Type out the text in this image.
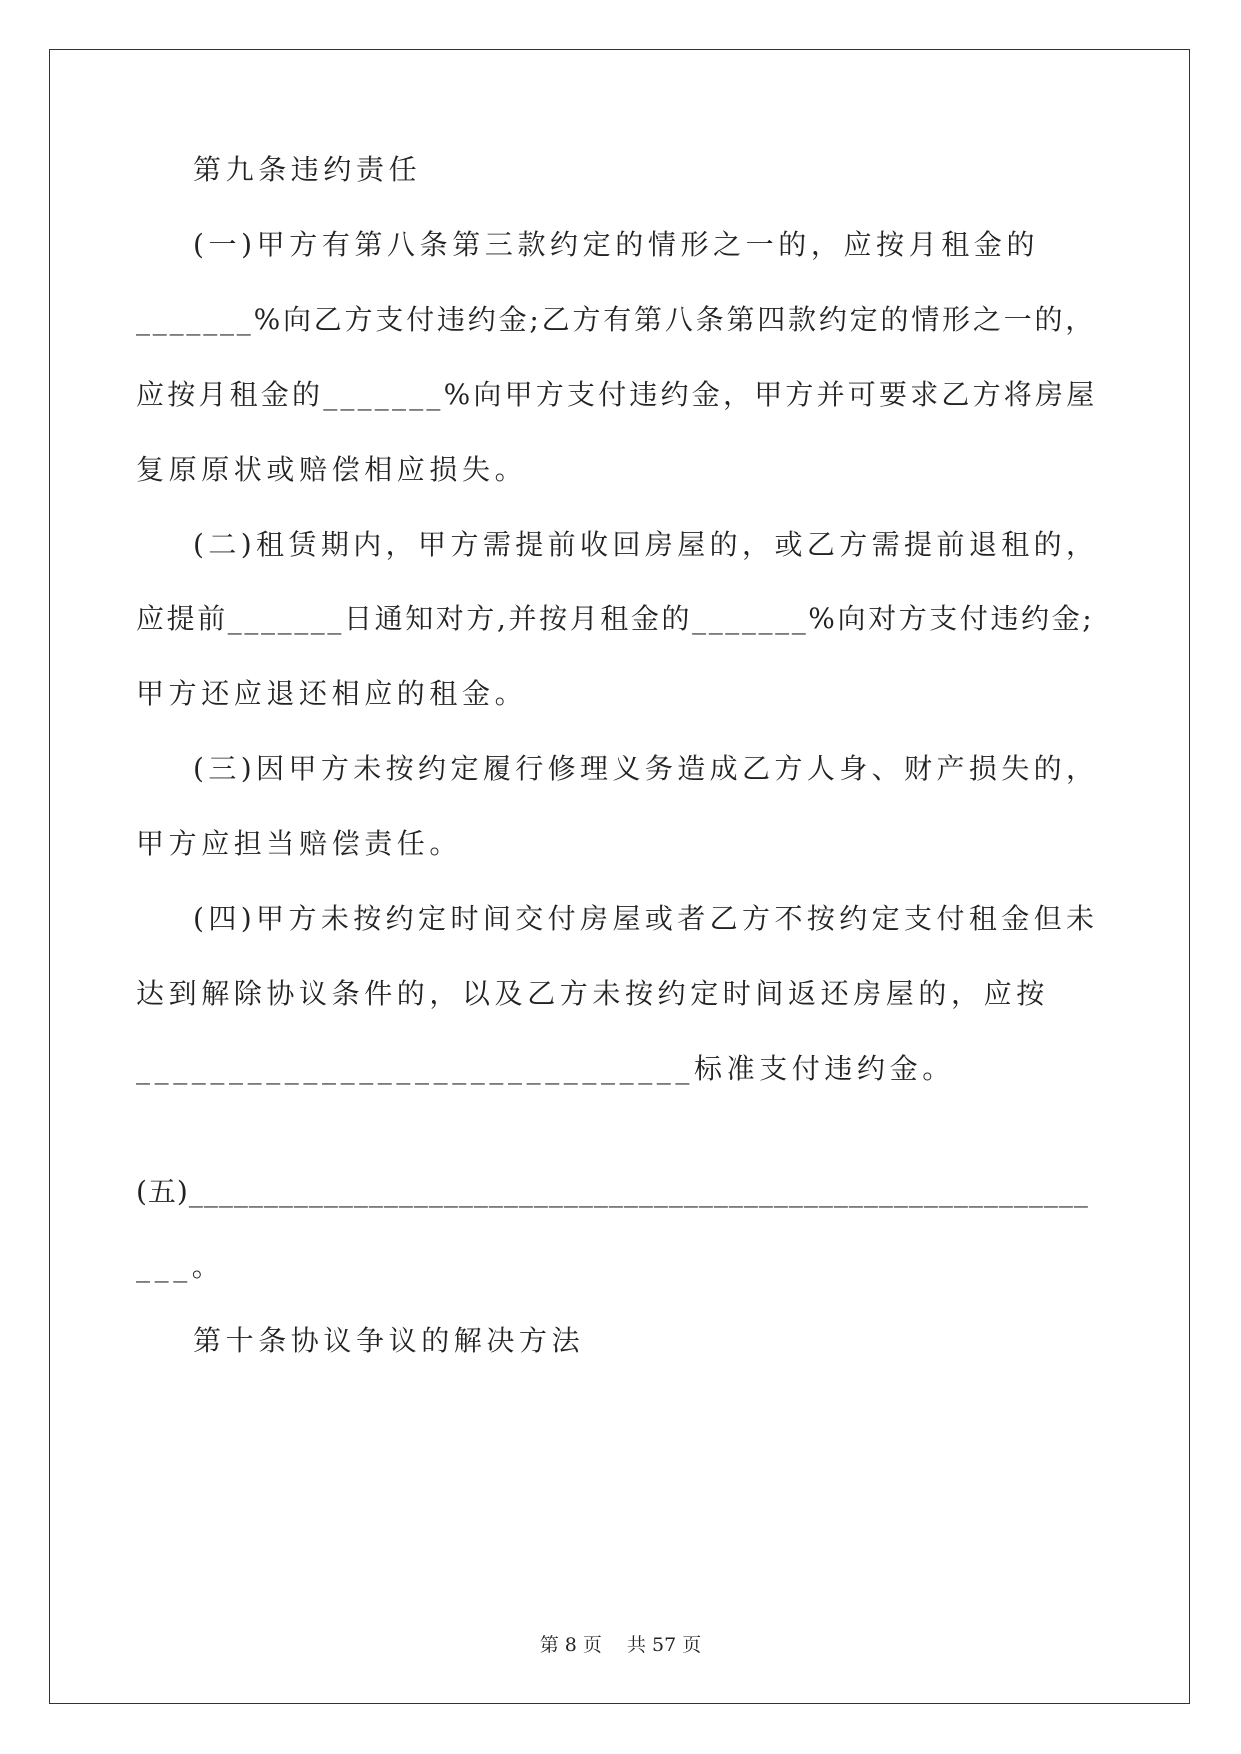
第九条违约责任

(一)甲方有第八条第三款约定的情形之一的，应按月租金的

_______%向乙方支付违约金;乙方有第八条第四款约定的情形之一的，

应按月租金的_______%向甲方支付违约金，甲方并可要求乙方将房屋

复原原状或赔偿相应损失。

(二)租赁期内，甲方需提前收回房屋的，或乙方需提前退租的，

应提前_______日通知对方,并按月租金的_______%向对方支付违约金;

甲方还应退还相应的租金。

(三)因甲方未按约定履行修理义务造成乙方人身、财产损失的，

甲方应担当赔偿责任。

(四)甲方未按约定时间交付房屋或者乙方不按约定支付租金但未

达到解除协议条件的，以及乙方未按约定时间返还房屋的，应按

______________________________标准支付违约金。

(五)____________________________________________________________

___。

第十条协议争议的解决方法

第 8 页　 共 57 页
